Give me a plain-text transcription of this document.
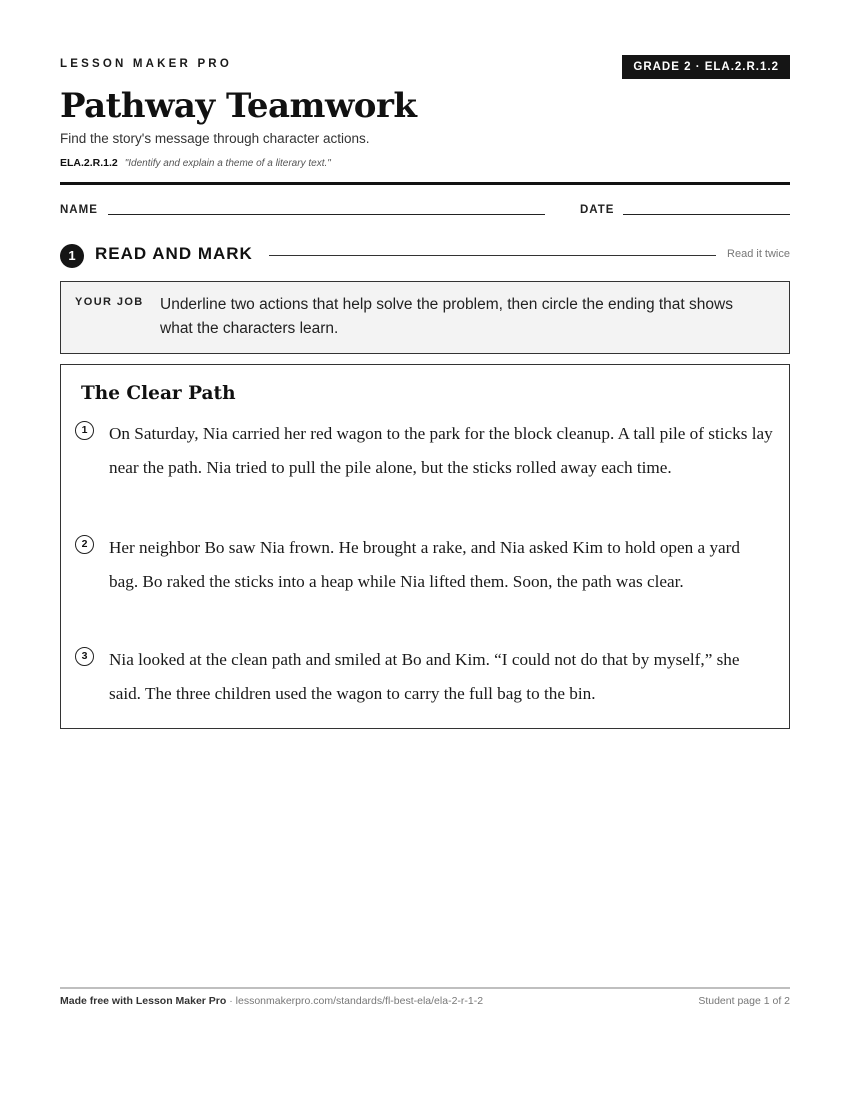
LESSON MAKER PRO	GRADE 2 · ELA.2.R.1.2
Pathway Teamwork
Find the story's message through character actions.
ELA.2.R.1.2 "Identify and explain a theme of a literary text."
NAME	DATE
1	READ AND MARK	Read it twice
YOUR JOB Underline two actions that help solve the problem, then circle the ending that shows what the characters learn.
The Clear Path
1	On Saturday, Nia carried her red wagon to the park for the block cleanup. A tall pile of sticks lay near the path. Nia tried to pull the pile alone, but the sticks rolled away each time.
2	Her neighbor Bo saw Nia frown. He brought a rake, and Nia asked Kim to hold open a yard bag. Bo raked the sticks into a heap while Nia lifted them. Soon, the path was clear.
3	Nia looked at the clean path and smiled at Bo and Kim. “I could not do that by myself,” she said. The three children used the wagon to carry the full bag to the bin.
Made free with Lesson Maker Pro · lessonmakerpro.com/standards/fl-best-ela/ela-2-r-1-2	Student page 1 of 2
